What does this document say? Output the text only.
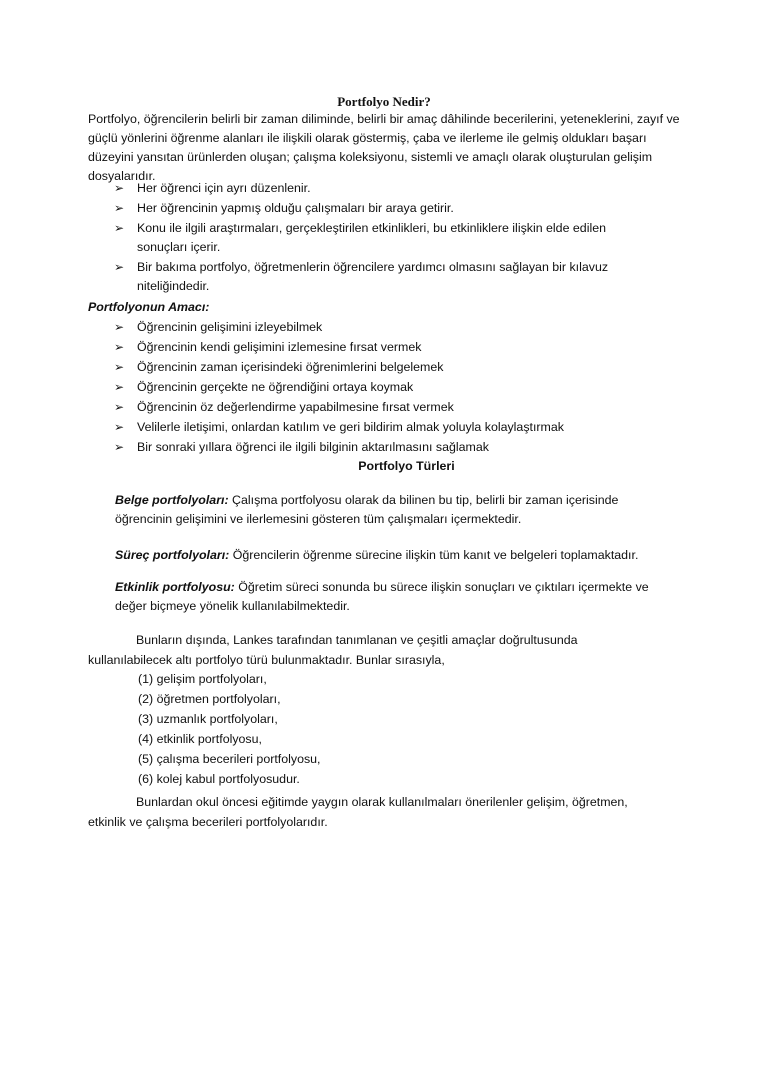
Portfolyo Nedir?

Portfolyo, öğrencilerin belirli bir zaman diliminde, belirli bir amaç dâhilinde becerilerini, yeteneklerini, zayıf ve güçlü yönlerini öğrenme alanları ile ilişkili olarak göstermiş, çaba ve ilerleme ile gelmiş oldukları başarı düzeyini yansıtan ürünlerden oluşan; çalışma koleksiyonu, sistemli ve amaçlı olarak oluşturulan gelişim dosyalarıdır.

➢ Her öğrenci için ayrı düzenlenir.
➢ Her öğrencinin yapmış olduğu çalışmaları bir araya getirir.
➢ Konu ile ilgili araştırmaları, gerçekleştirilen etkinlikleri, bu etkinliklere ilişkin elde edilen sonuçları içerir.
➢ Bir bakıma portfolyo, öğretmenlerin öğrencilere yardımcı olmasını sağlayan bir kılavuz niteliğindedir.
Portfolyonun Amacı:
➢ Öğrencinin gelişimini izleyebilmek
➢ Öğrencinin kendi gelişimini izlemesine fırsat vermek
➢ Öğrencinin zaman içerisindeki öğrenimlerini belgelemek
➢ Öğrencinin gerçekte ne öğrendiğini ortaya koymak
➢ Öğrencinin öz değerlendirme yapabilmesine fırsat vermek
➢ Velilerle iletişimi, onlardan katılım ve geri bildirim almak yoluyla kolaylaştırmak
➢ Bir sonraki yıllara öğrenci ile ilgili bilginin aktarılmasını sağlamak
Portfolyo Türleri

Belge portfolyoları: Çalışma portfolyosu olarak da bilinen bu tip, belirli bir zaman içerisinde öğrencinin gelişimini ve ilerlemesini gösteren tüm çalışmaları içermektedir.

Süreç portfolyoları: Öğrencilerin öğrenme sürecine ilişkin tüm kanıt ve belgeleri toplamaktadır.

Etkinlik portfolyosu: Öğretim süreci sonunda bu sürece ilişkin sonuçları ve çıktıları içermekte ve değer biçmeye yönelik kullanılabilmektedir.

Bunların dışında, Lankes tarafından tanımlanan ve çeşitli amaçlar doğrultusunda
kullanılabilecek altı portfolyo türü bulunmaktadır. Bunlar sırasıyla,
(1) gelişim portfolyoları,
(2) öğretmen portfolyoları,
(3) uzmanlık portfolyoları,
(4) etkinlik portfolyosu,
(5) çalışma becerileri portfolyosu,
(6) kolej kabul portfolyosudur.
Bunlardan okul öncesi eğitimde yaygın olarak kullanılmaları önerilenler gelişim, öğretmen,
etkinlik ve çalışma becerileri portfolyolarıdır.
